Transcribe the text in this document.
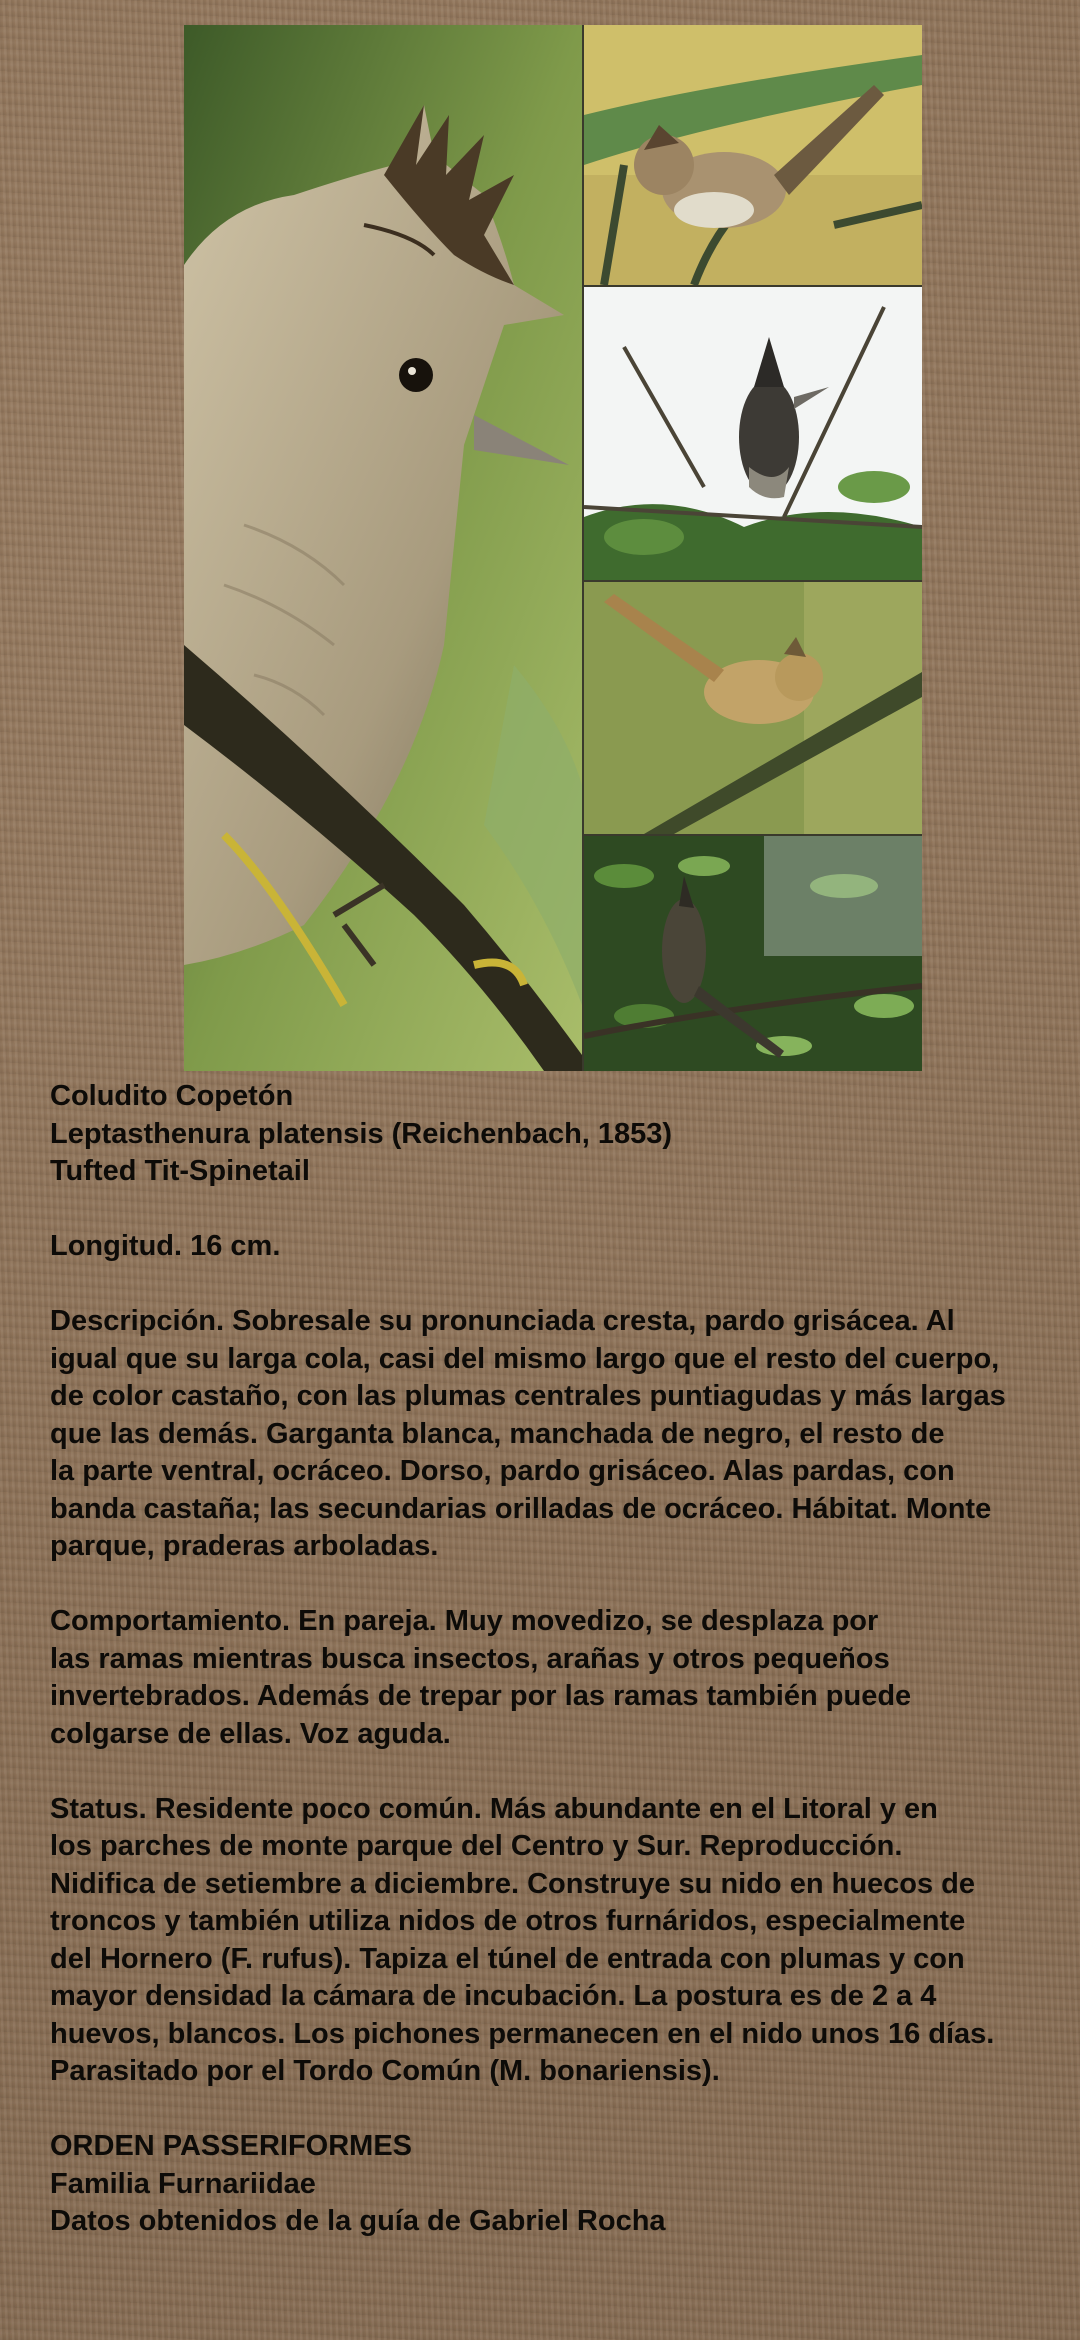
Coludito Copetón

Leptasthenura platensis (Reichenbach, 1853)

Tufted Tit-Spinetail

Longitud. 16 cm.

Descripción. Sobresale su pronunciada cresta, pardo grisácea. Al

igual que su larga cola, casi del mismo largo que el resto del cuerpo,

de color castaño, con las plumas centrales puntiagudas y más largas

que las demás. Garganta blanca, manchada de negro, el resto de

la parte ventral, ocráceo. Dorso, pardo grisáceo. Alas pardas, con

banda castaña; las secundarias orilladas de ocráceo. Hábitat. Monte

parque, praderas arboladas.

Comportamiento. En pareja. Muy movedizo, se desplaza por

las ramas mientras busca insectos, arañas y otros pequeños

invertebrados. Además de trepar por las ramas también puede

colgarse de ellas. Voz aguda.

Status. Residente poco común. Más abundante en el Litoral y en

los parches de monte parque del Centro y Sur. Reproducción.

Nidifica de setiembre a diciembre. Construye su nido en huecos de

troncos y también utiliza nidos de otros furnáridos, especialmente

del Hornero (F. rufus). Tapiza el túnel de entrada con plumas y con

mayor densidad la cámara de incubación. La postura es de 2 a 4

huevos, blancos. Los pichones permanecen en el nido unos 16 días.

Parasitado por el Tordo Común (M. bonariensis).

ORDEN PASSERIFORMES

Familia Furnariidae

Datos obtenidos de la guía de Gabriel Rocha
